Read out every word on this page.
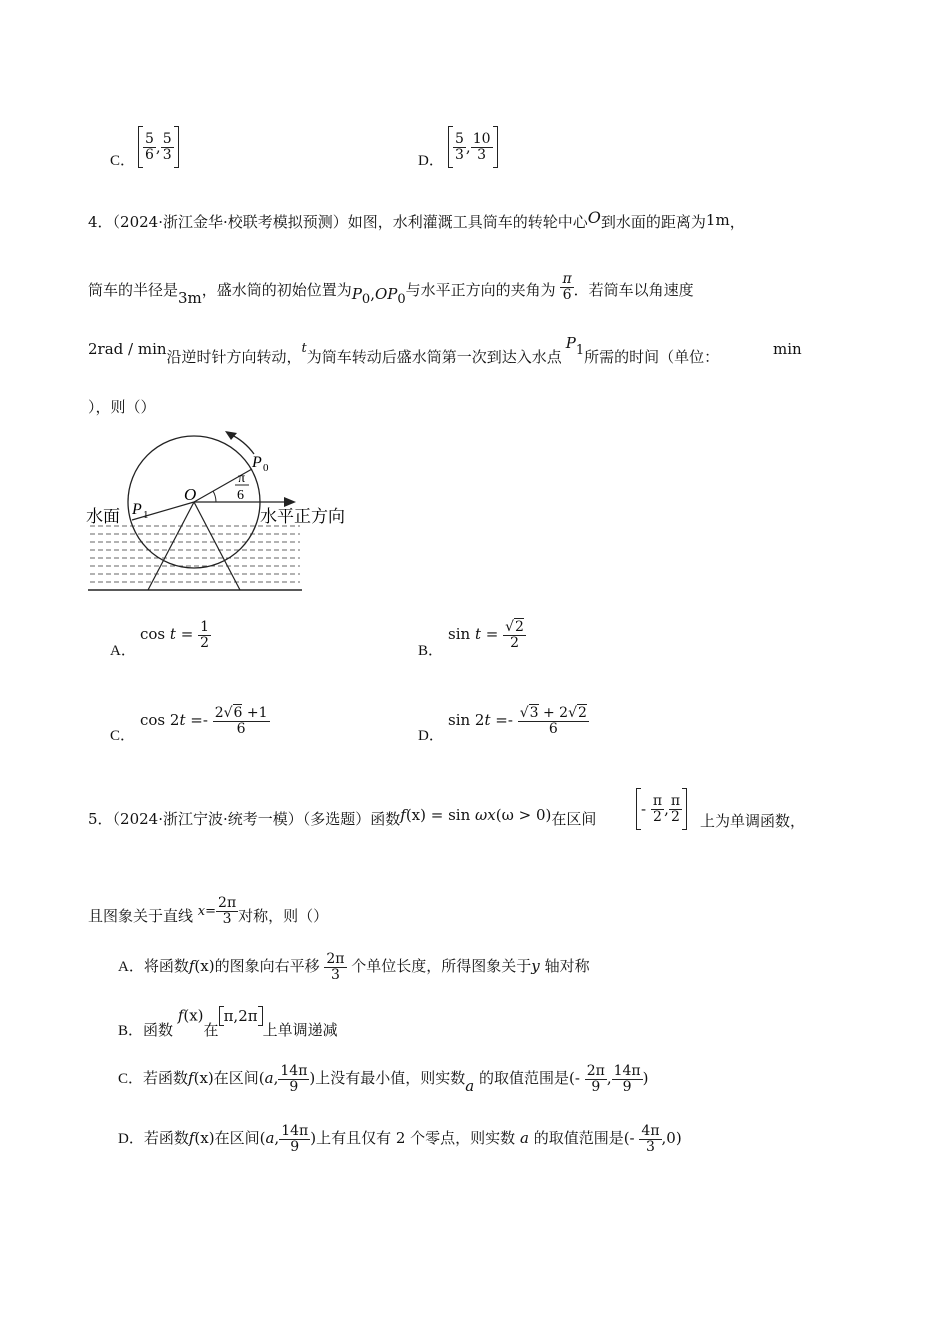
C． $\frac{5}{6}$ , $\frac{5}{3}$	D． $\frac{5}{3}$ , $\frac{10}{3}$
4．（2024·浙江金华·校联考模拟预测）如图，水利灌溉工具筒车的转轮中心O到水面的距离为1m，
筒车的半径是3m，盛水筒的初始位置为$P_0,OP_0$与水平正方向的夹角为 $\frac{\pi}{6}$ ．若筒车以角速度
2rad / min沿逆时针方向转动，t为筒车转动后盛水筒第一次到达入水点$P_1$所需的时间（单位：	min
），则（）
水面	水平正方向
O
P 0
P 1
π
6
A．
$\cos t = \frac{1}{2}$
B．
$\sin t = \frac{√2}{2}$
C．
$\cos 2t =- \frac{2√6 +1}{6}$	D．
$\sin 2t =- \frac{√3 + 2√2}{6}$
5．（2024·浙江宁波·统考一模）（多选题）函数f(x) = sin ωx(ω > 0)在区间
-
$\frac{\pi}{2}$ , $\frac{\pi}{2}$ 上为单调函数，
且图象关于直线 $x= \frac{2\pi}{3}$ 对称，则（）
A．将函数f(x)的图象向右平移 $\frac{2\pi}{3}$ 个单位长度，所得图象关于y 轴对称
B．函数 f(x)在π,2π上单调递减
C．若函数f(x)在区间(a, $\frac{14\pi}{9}$ )上没有最小值，则实数a 的取值范围是(- $\frac{2\pi}{9}$ , $\frac{14\pi}{9}$ )
D．若函数f(x)在区间(a, $\frac{14\pi}{9}$ )上有且仅有 2 个零点，则实数 a 的取值范围是(- $\frac{4\pi}{3} ,0$)
